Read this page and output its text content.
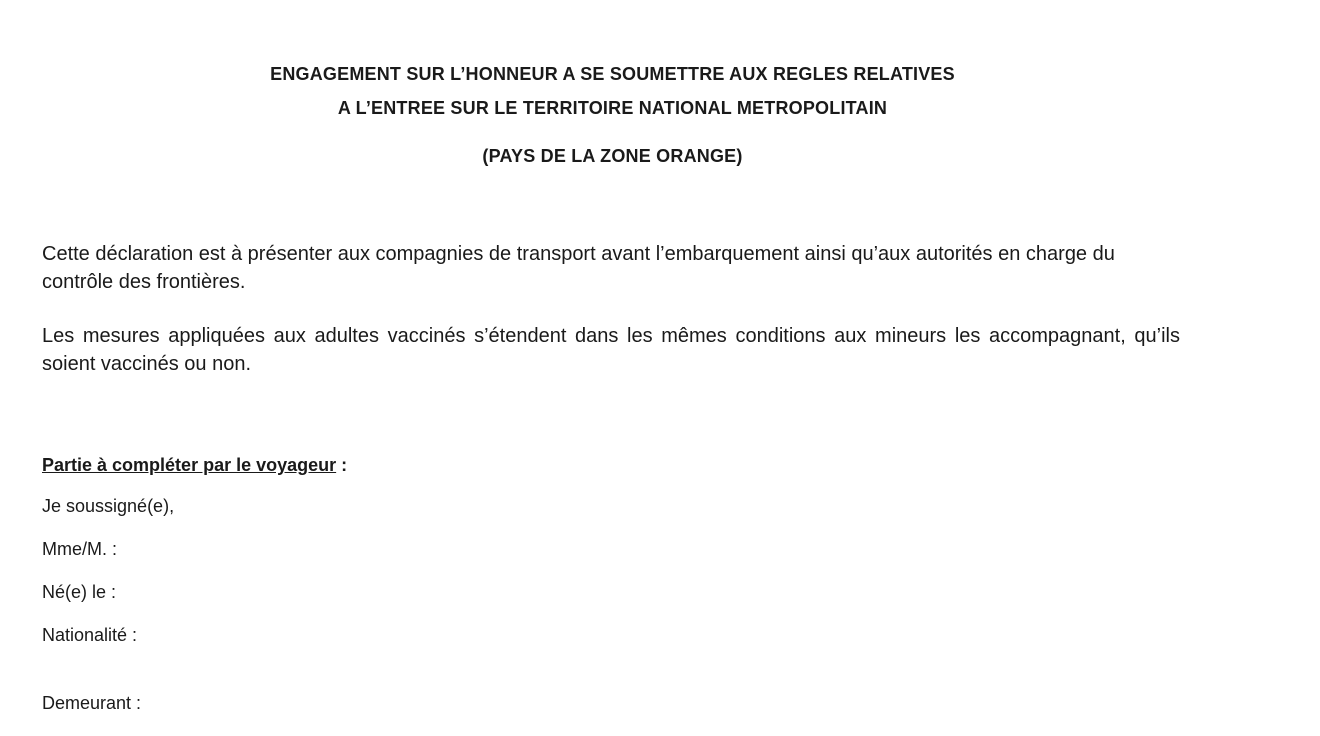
ENGAGEMENT SUR L’HONNEUR A SE SOUMETTRE AUX REGLES RELATIVES
A L’ENTREE SUR LE TERRITOIRE NATIONAL METROPOLITAIN
(PAYS DE LA ZONE ORANGE)
Cette déclaration est à présenter aux compagnies de transport avant l’embarquement ainsi qu’aux autorités en charge du contrôle des frontières.
Les mesures appliquées aux adultes vaccinés s’étendent dans les mêmes conditions aux mineurs les accompagnant, qu’ils soient vaccinés ou non.
Partie à compléter par le voyageur :
Je soussigné(e),
Mme/M. :
Né(e) le :
Nationalité :
Demeurant :
